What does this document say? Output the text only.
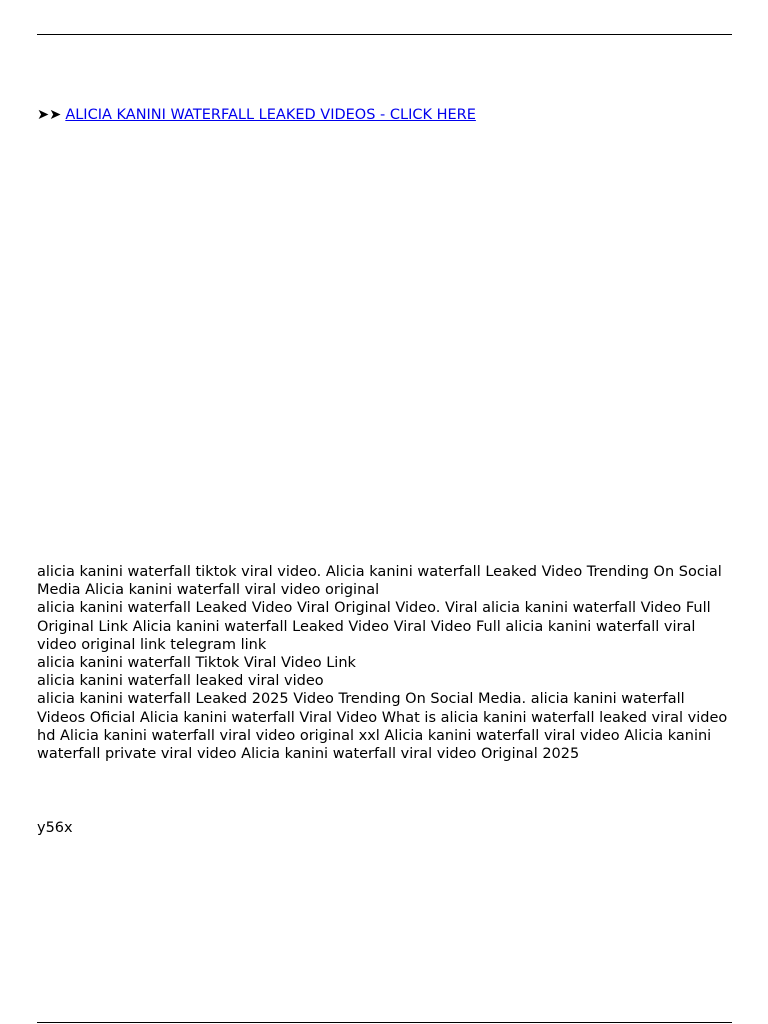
➤➤ ALICIA KANINI WATERFALL LEAKED VIDEOS - CLICK HERE

alicia kanini waterfall tiktok viral video. Alicia kanini waterfall Leaked Video Trending On Social Media Alicia kanini waterfall viral video original

alicia kanini waterfall Leaked Video Viral Original Video. Viral alicia kanini waterfall Video Full Original Link Alicia kanini waterfall Leaked Video Viral Video Full alicia kanini waterfall viral video original link telegram link

alicia kanini waterfall Tiktok Viral Video Link

alicia kanini waterfall leaked viral video

alicia kanini waterfall Leaked 2025 Video Trending On Social Media. alicia kanini waterfall Videos Oficial Alicia kanini waterfall Viral Video What is alicia kanini waterfall leaked viral video hd Alicia kanini waterfall viral video original xxl Alicia kanini waterfall viral video Alicia kanini waterfall private viral video Alicia kanini waterfall viral video Original 2025

y56x
